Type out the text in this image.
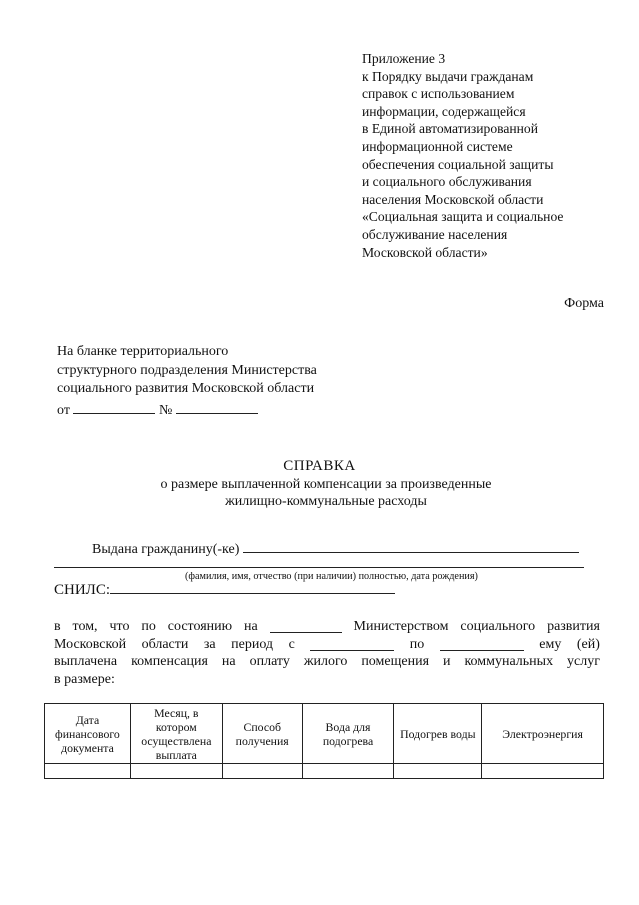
Приложение 3
к Порядку выдачи гражданам
справок с использованием
информации, содержащейся
в Единой автоматизированной
информационной системе
обеспечения социальной защиты
и социального обслуживания
населения Московской области
«Социальная защита и социальное
обслуживание населения
Московской области»
Форма
На бланке территориального
структурного подразделения Министерства
социального развития Московской области
от	№
СПРАВКА
о размере выплаченной компенсации за произведенные
жилищно-коммунальные расходы
Выдана гражданину(-ке)
(фамилия, имя, отчество (при наличии) полностью, дата рождения)
СНИЛС:
в том, что по состоянию на	Министерством социального развития
Московской области за период с	по	ему (ей)
выплачена компенсация на оплату жилого помещения и коммунальных услуг
в размере:
Дата финансового документа	Месяц, в котором осуществлена выплата	Способ получения	Вода для подогрева	Подогрев воды	Электроэнергия
